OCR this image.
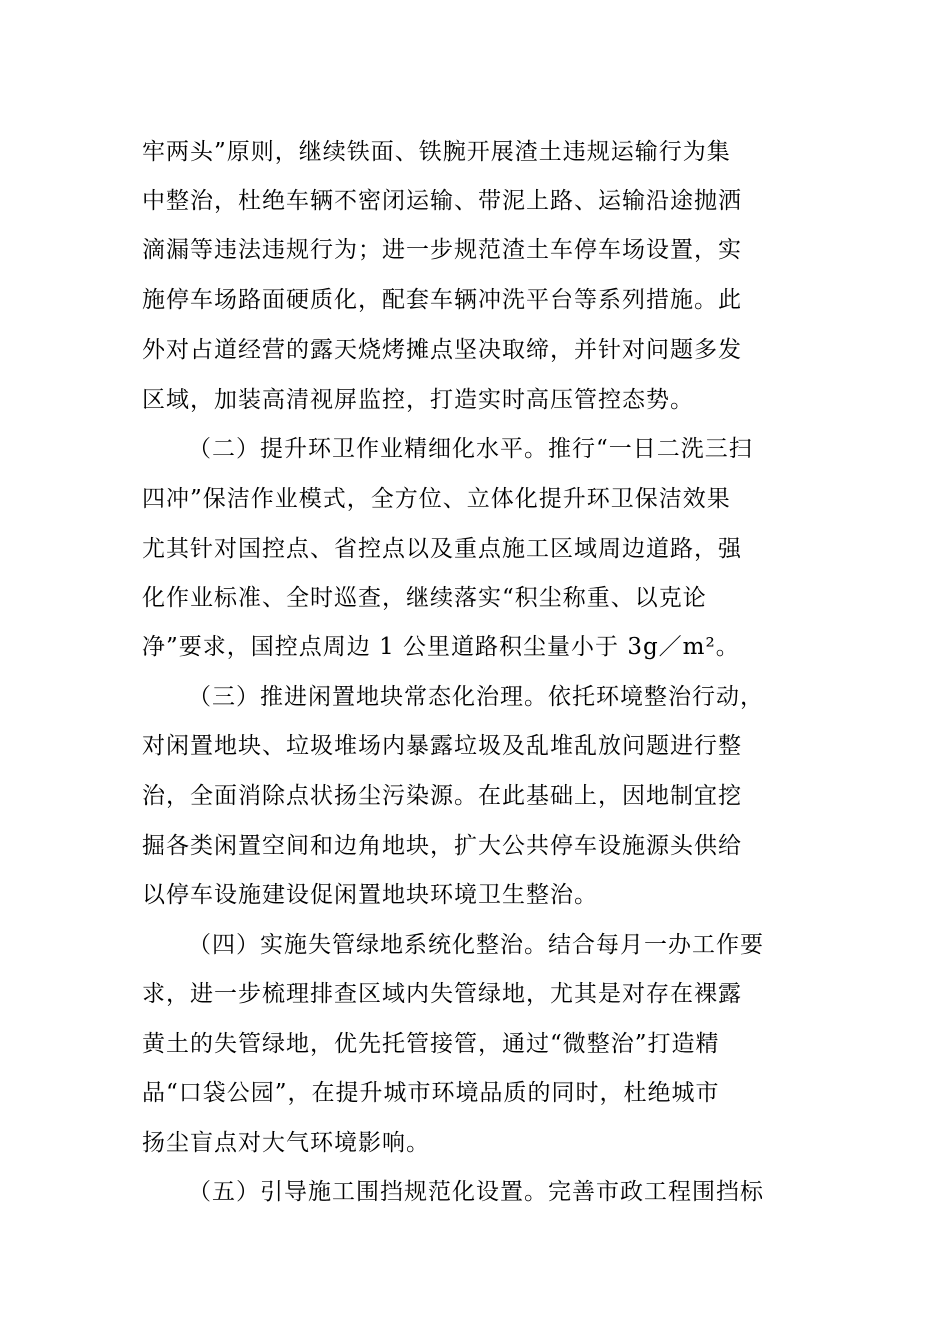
牢两头”原则，继续铁面、铁腕开展渣土违规运输行为集
中整治，杜绝车辆不密闭运输、带泥上路、运输沿途抛洒
滴漏等违法违规行为；进一步规范渣土车停车场设置，实
施停车场路面硬质化，配套车辆冲洗平台等系列措施。此
外对占道经营的露天烧烤摊点坚决取缔，并针对问题多发
区域，加装高清视屏监控，打造实时高压管控态势。
（二）提升环卫作业精细化水平。推行“一日二洗三扫
四冲”保洁作业模式，全方位、立体化提升环卫保洁效果
尤其针对国控点、省控点以及重点施工区域周边道路，强
化作业标准、全时巡查，继续落实“积尘称重、以克论
净”要求，国控点周边 1 公里道路积尘量小于 3g／m²。
（三）推进闲置地块常态化治理。依托环境整治行动，
对闲置地块、垃圾堆场内暴露垃圾及乱堆乱放问题进行整
治，全面消除点状扬尘污染源。在此基础上，因地制宜挖
掘各类闲置空间和边角地块，扩大公共停车设施源头供给
以停车设施建设促闲置地块环境卫生整治。
（四）实施失管绿地系统化整治。结合每月一办工作要
求，进一步梳理排查区域内失管绿地，尤其是对存在裸露
黄土的失管绿地，优先托管接管，通过“微整治”打造精
品“口袋公园”，在提升城市环境品质的同时，杜绝城市
扬尘盲点对大气环境影响。
（五）引导施工围挡规范化设置。完善市政工程围挡标
